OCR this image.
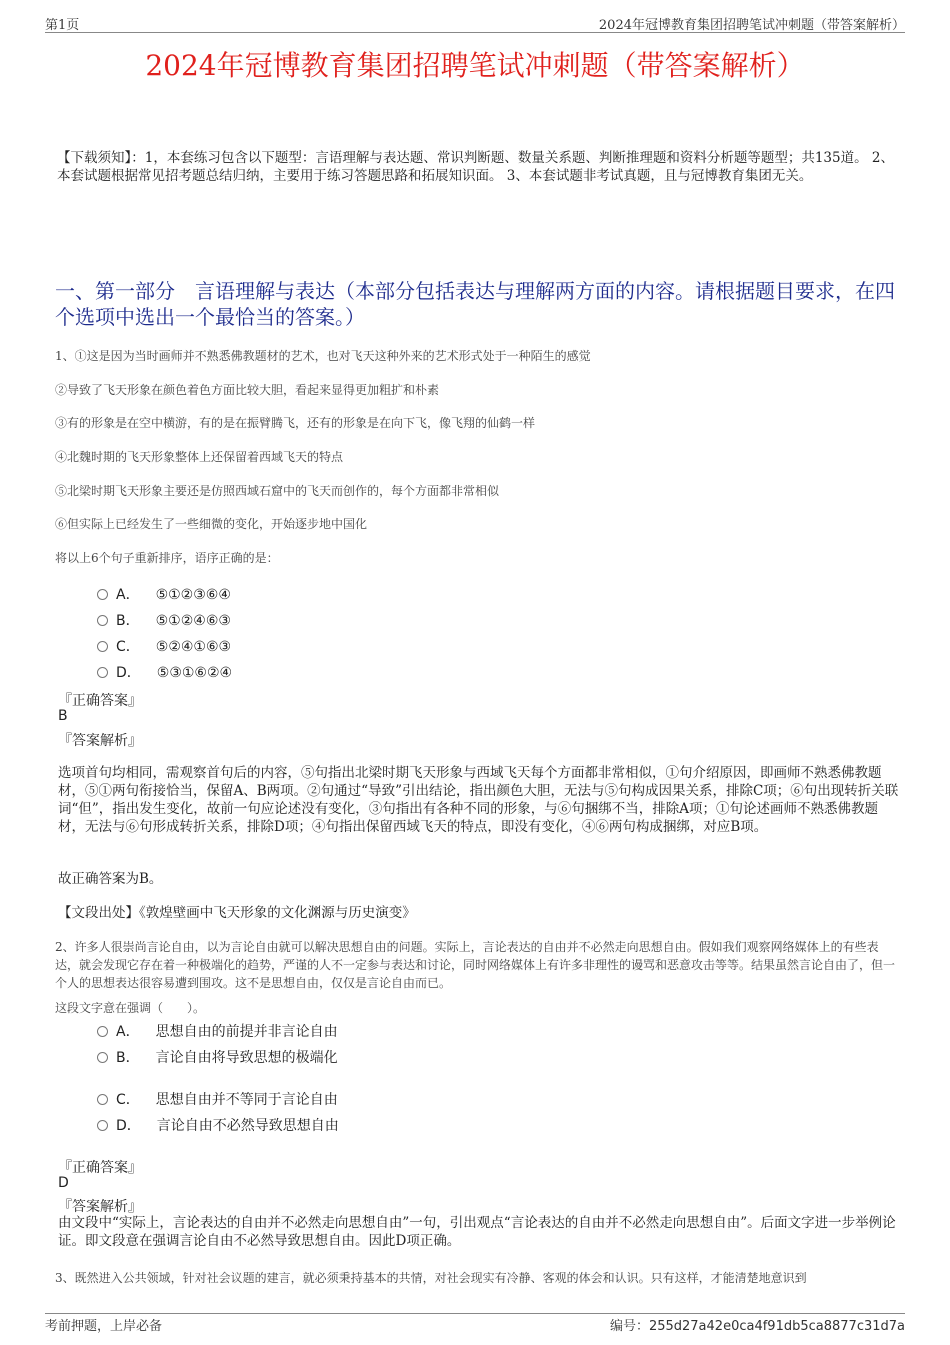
第1页	2024年冠博教育集团招聘笔试冲刺题（带答案解析）
2024年冠博教育集团招聘笔试冲刺题（带答案解析）
【下载须知】：1，本套练习包含以下题型：言语理解与表达题、常识判断题、数量关系题、判断推理题和资料分析题等题型；共135道。 2、本套试题根据常见招考题总结归纳，主要用于练习答题思路和拓展知识面。 3、本套试题非考试真题，且与冠博教育集团无关。
一、第一部分　言语理解与表达（本部分包括表达与理解两方面的内容。请根据题目要求，在四个选项中选出一个最恰当的答案。）
1、①这是因为当时画师并不熟悉佛教题材的艺术，也对飞天这种外来的艺术形式处于一种陌生的感觉
②导致了飞天形象在颜色着色方面比较大胆，看起来显得更加粗扩和朴素
③有的形象是在空中横游，有的是在振臂腾飞，还有的形象是在向下飞，像飞翔的仙鹤一样
④北魏时期的飞天形象整体上还保留着西域飞天的特点
⑤北梁时期飞天形象主要还是仿照西域石窟中的飞天而创作的，每个方面都非常相似
⑥但实际上已经发生了一些细微的变化，开始逐步地中国化
将以上6个句子重新排序，语序正确的是：
A． ⑤①②③⑥④
B． ⑤①②④⑥③
C． ⑤②④①⑥③
D． ⑤③①⑥②④
『正确答案』
B
『答案解析』
选项首句均相同，需观察首句后的内容，⑤句指出北梁时期飞天形象与西域飞天每个方面都非常相似，①句介绍原因，即画师不熟悉佛教题材，⑤①两句衔接恰当，保留A、B两项。②句通过“导致”引出结论，指出颜色大胆，无法与⑤句构成因果关系，排除C项；⑥句出现转折关联词“但”，指出发生变化，故前一句应论述没有变化，③句指出有各种不同的形象，与⑥句捆绑不当，排除A项；①句论述画师不熟悉佛教题材，无法与⑥句形成转折关系，排除D项；④句指出保留西域飞天的特点，即没有变化，④⑥两句构成捆绑，对应B项。
故正确答案为B。
【文段出处】《敦煌壁画中飞天形象的文化渊源与历史演变》
2、许多人很崇尚言论自由，以为言论自由就可以解决思想自由的问题。实际上，言论表达的自由并不必然走向思想自由。假如我们观察网络媒体上的有些表达，就会发现它存在着一种极端化的趋势，严谨的人不一定参与表达和讨论，同时网络媒体上有许多非理性的谩骂和恶意攻击等等。结果虽然言论自由了，但一个人的思想表达很容易遭到围攻。这不是思想自由，仅仅是言论自由而已。
这段文字意在强调（　　）。
A． 思想自由的前提并非言论自由
B． 言论自由将导致思想的极端化
C． 思想自由并不等同于言论自由
D． 言论自由不必然导致思想自由
『正确答案』
D
『答案解析』
由文段中“实际上，言论表达的自由并不必然走向思想自由”一句，引出观点“言论表达的自由并不必然走向思想自由”。后面文字进一步举例论证。即文段意在强调言论自由不必然导致思想自由。因此D项正确。
3、既然进入公共领域，针对社会议题的建言，就必须秉持基本的共情，对社会现实有冷静、客观的体会和认识。只有这样，才能清楚地意识到
考前押题，上岸必备	编号：255d27a42e0ca4f91db5ca8877c31d7a
